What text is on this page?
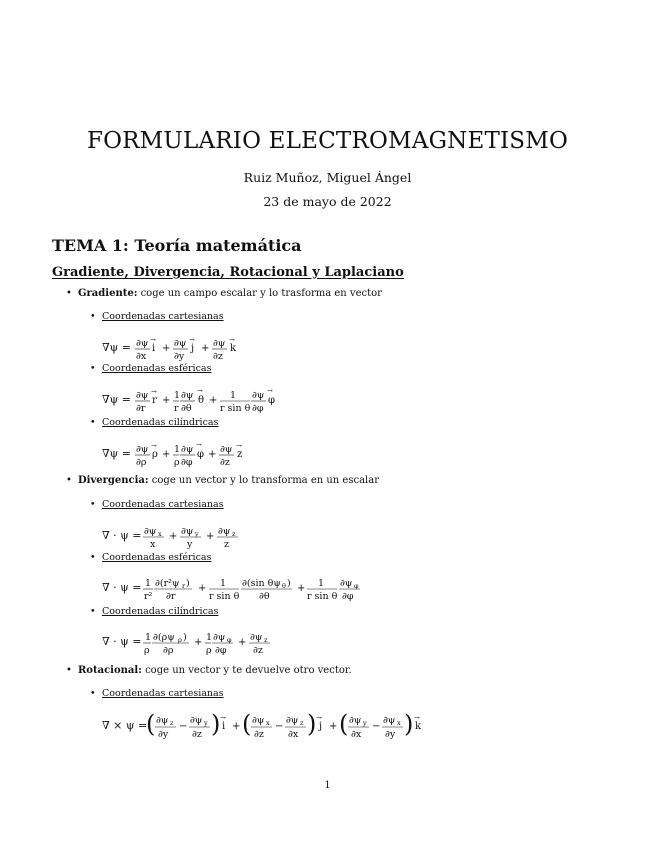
FORMULARIO ELECTROMAGNETISMO
Ruiz Muñoz, Miguel Ángel
23 de mayo de 2022
TEMA 1: Teoría matemática
Gradiente, Divergencia, Rotacional y Laplaciano
• Gradiente: coge un campo escalar y lo trasforma en vector
• Coordenadas cartesianas
∇ψ = ∂ψ
∂x
i
→
+ ∂ψ
∂y
j
→
+ ∂ψ
∂z
k
→
• Coordenadas esféricas
∇ψ = ∂ψ
∂r
r
→
+ 1
r
∂ψ
∂θ
θ
→
+ 1
r sin θ
∂ψ
∂φ
φ
→
• Coordenadas cilíndricas
∇ψ = ∂ψ
∂ρ
ρ
→
+ 1
ρ
∂ψ
∂φ
φ
→
+ ∂ψ
∂z
z
→
• Divergencia: coge un vector y lo transforma en un escalar
• Coordenadas cartesianas
∇ · ψ = ∂ψ x
x
+ ∂ψ y
y
+ ∂ψ z
z
• Coordenadas esféricas
∇ · ψ = 1
r²
∂(r²ψ r )
∂r
+ 1
r sin θ
∂(sin θψ θ )
∂θ
+ 1
r sin θ
∂ψ φ
∂φ
• Coordenadas cilíndricas
∇ · ψ = 1
ρ
∂(ρψ ρ )
∂ρ
+ 1
ρ
∂ψ φ
∂φ
+ ∂ψ z
∂z
• Rotacional: coge un vector y te devuelve otro vector.
• Coordenadas cartesianas
∇ × ψ =
( ∂ψ z
∂y
−
∂ψ y
∂z ) i
→
+ ( ∂ψ x
∂z
−
∂ψ z
∂x ) j
→
+ ( ∂ψ y
∂x
−
∂ψ x
∂y ) k
→
1
